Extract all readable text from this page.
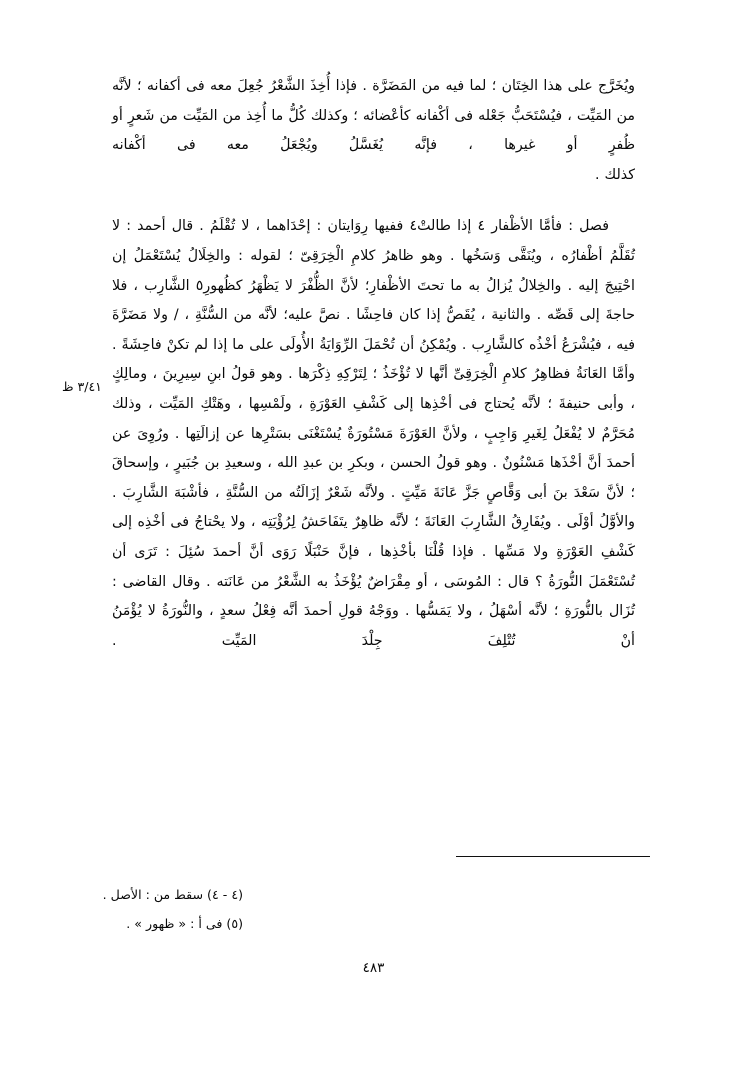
٣/٤١ ظ

ويُخَرَّج على هذا الخِتَان ؛ لما فيه من المَضَرَّة . فإذا أُخِذَ الشَّعْرُ جُعِلَ معه فى أكفانه ؛ لأنَّه من المَيِّت ، فيُسْتَحَبُّ جَعْله فى أكْفانه كأعْضائه ؛ وكذلك كُلُّ ما أُخِذ من المَيِّت من شَعرٍ أو ظُفرٍ أو غيرها ، فإنَّه يُغَسَّلُ ويُجْعَلُ معه فى أكْفانه
كذلك .

فصل : فأمَّا الأظْفار ٤ إذا طالتْ٤ ففيها رِوَايتان : إحْدَاهما ، لا تُقْلَمُ . قال أحمد : لا تُقَلَّمُ أظْفارُه ، ويُنَقَّى وَسَخُها . وهو ظاهرُ كلامِ الْخِرَقِىّ ؛ لقوله : والخِلَالُ يُسْتَعْمَلُ إن احْتِيجَ إليه . والخِلالُ يُزالُ به ما تحتَ الأظْفارِ؛ لأنَّ الظُّفْرَ لا يَظْهَرُ كظُهورِ٥ الشَّارِب ، فلا حاجةَ إلى قَصِّه . والثانية ، يُقَصُّ إذا كان فاحِشًا . نصَّ عليه؛ لأنَّه من السُّنَّةِ ، / ولا مَضَرَّةَ فيه ، فيُشْرَعُ أخْذُه كالشَّارِب . ويُمْكِنُ أن تُحْمَلَ الرِّوَايَةُ الأُولَى على ما إذا لم تكنْ فاحِشَةً . وأمَّا العَانَةُ فظاهِرُ كلامِ الْخِرَقِىِّ أنَّها لا تُؤْخَذُ ؛ لِتَرْكِهِ ذِكْرَها . وهو قولُ ابنِ سِيرِينَ ، ومالِكٍ ، وأبى حنيفةَ ؛ لأنَّه يُحتاج فى أخْذِها إلى كَشْفِ العَوْرَةِ ، ولَمْسِها ، وهَتْكِ المَيِّت ، وذلك مُحَرَّمٌ لا يُفْعَلُ لِغَيرِ وَاجِبٍ ، ولأنَّ العَوْرَةَ مَسْتُورَةٌ يُسْتَغْنَى بسَتْرِها عن إزالَتِها . ورُوِىَ عن أحمدَ أنَّ أخْذَها مَسْنُونٌ . وهو قولُ الحسن ، وبكرِ بن عبدِ الله ، وسعيدِ بن جُبَيرٍ ، وإسحاقَ ؛ لأنَّ سَعْدَ بنَ أبى وَقَّاصٍ جَزَّ عَانَةَ مَيِّتٍ . ولأنَّه شَعْرٌ إزَالَتُه من السُّنَّةِ ، فأشْبَهَ الشَّارِبَ . والأوَّلُ أوْلَى . ويُفَارِقُ الشَّارِبَ العَانَةَ ؛ لأنَّه ظاهِرٌ يتَفَاحَشُ لِرُؤْيَتِه ، ولا يحْتاجُ فى أخْذِه إلى كَشْفِ العَوْرَةِ ولا مَسِّها . فإذا قُلْنَا بأخْذِها ، فإنَّ حَنْبَلًا رَوَى أنَّ أحمدَ سُئِلَ : تَرَى أن تُسْتَعْمَلَ النُّورَةُ ؟ قال : المُوسَى ، أو مِقْرَاضٌ يُؤْخَذُ به الشَّعْرُ من عَانَته . وقال القاضى : تُزَال بالنُّورَةِ ؛ لأنَّه أسْهَلُ ، ولا يَمَسُّها . ووَجْهُ قولِ أحمدَ أنَّه فِعْلُ سعدٍ ، والنُّورَةُ لا يُؤْمَنُ أنْ تُتْلِفَ جِلْدَ المَيِّت .

(٤ - ٤) سقط من : الأصل .

(٥) فى أ : « ظهور » .

٤٨٣
